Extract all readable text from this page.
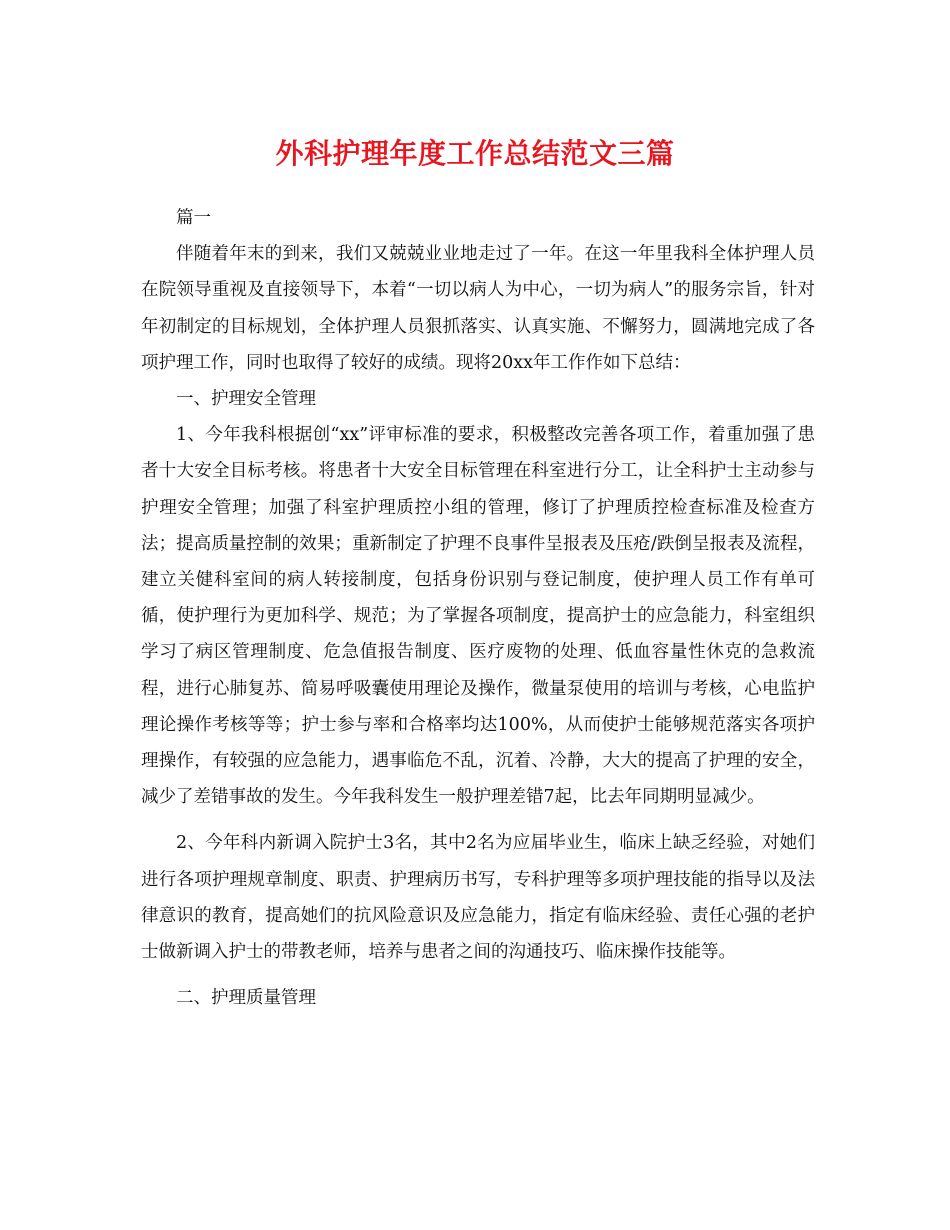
外科护理年度工作总结范文三篇

篇一

伴随着年末的到来，我们又兢兢业业地走过了一年。在这一年里我科全体护理人员在院领导重视及直接领导下，本着“一切以病人为中心，一切为病人”的服务宗旨，针对年初制定的目标规划，全体护理人员狠抓落实、认真实施、不懈努力，圆满地完成了各项护理工作，同时也取得了较好的成绩。现将20xx年工作作如下总结：

一、护理安全管理

1、今年我科根据创“xx”评审标准的要求，积极整改完善各项工作，着重加强了患者十大安全目标考核。将患者十大安全目标管理在科室进行分工，让全科护士主动参与护理安全管理；加强了科室护理质控小组的管理，修订了护理质控检查标准及检查方法；提高质量控制的效果；重新制定了护理不良事件呈报表及压疮/跌倒呈报表及流程，建立关健科室间的病人转接制度，包括身份识别与登记制度，使护理人员工作有单可循，使护理行为更加科学、规范；为了掌握各项制度，提高护士的应急能力，科室组织学习了病区管理制度、危急值报告制度、医疗废物的处理、低血容量性休克的急救流程，进行心肺复苏、简易呼吸囊使用理论及操作，微量泵使用的培训与考核，心电监护理论操作考核等等；护士参与率和合格率均达100%，从而使护士能够规范落实各项护理操作，有较强的应急能力，遇事临危不乱，沉着、冷静，大大的提高了护理的安全，减少了差错事故的发生。今年我科发生一般护理差错7起，比去年同期明显减少。

2、今年科内新调入院护士3名，其中2名为应届毕业生，临床上缺乏经验，对她们进行各项护理规章制度、职责、护理病历书写，专科护理等多项护理技能的指导以及法律意识的教育，提高她们的抗风险意识及应急能力，指定有临床经验、责任心强的老护士做新调入护士的带教老师，培养与患者之间的沟通技巧、临床操作技能等。

二、护理质量管理
